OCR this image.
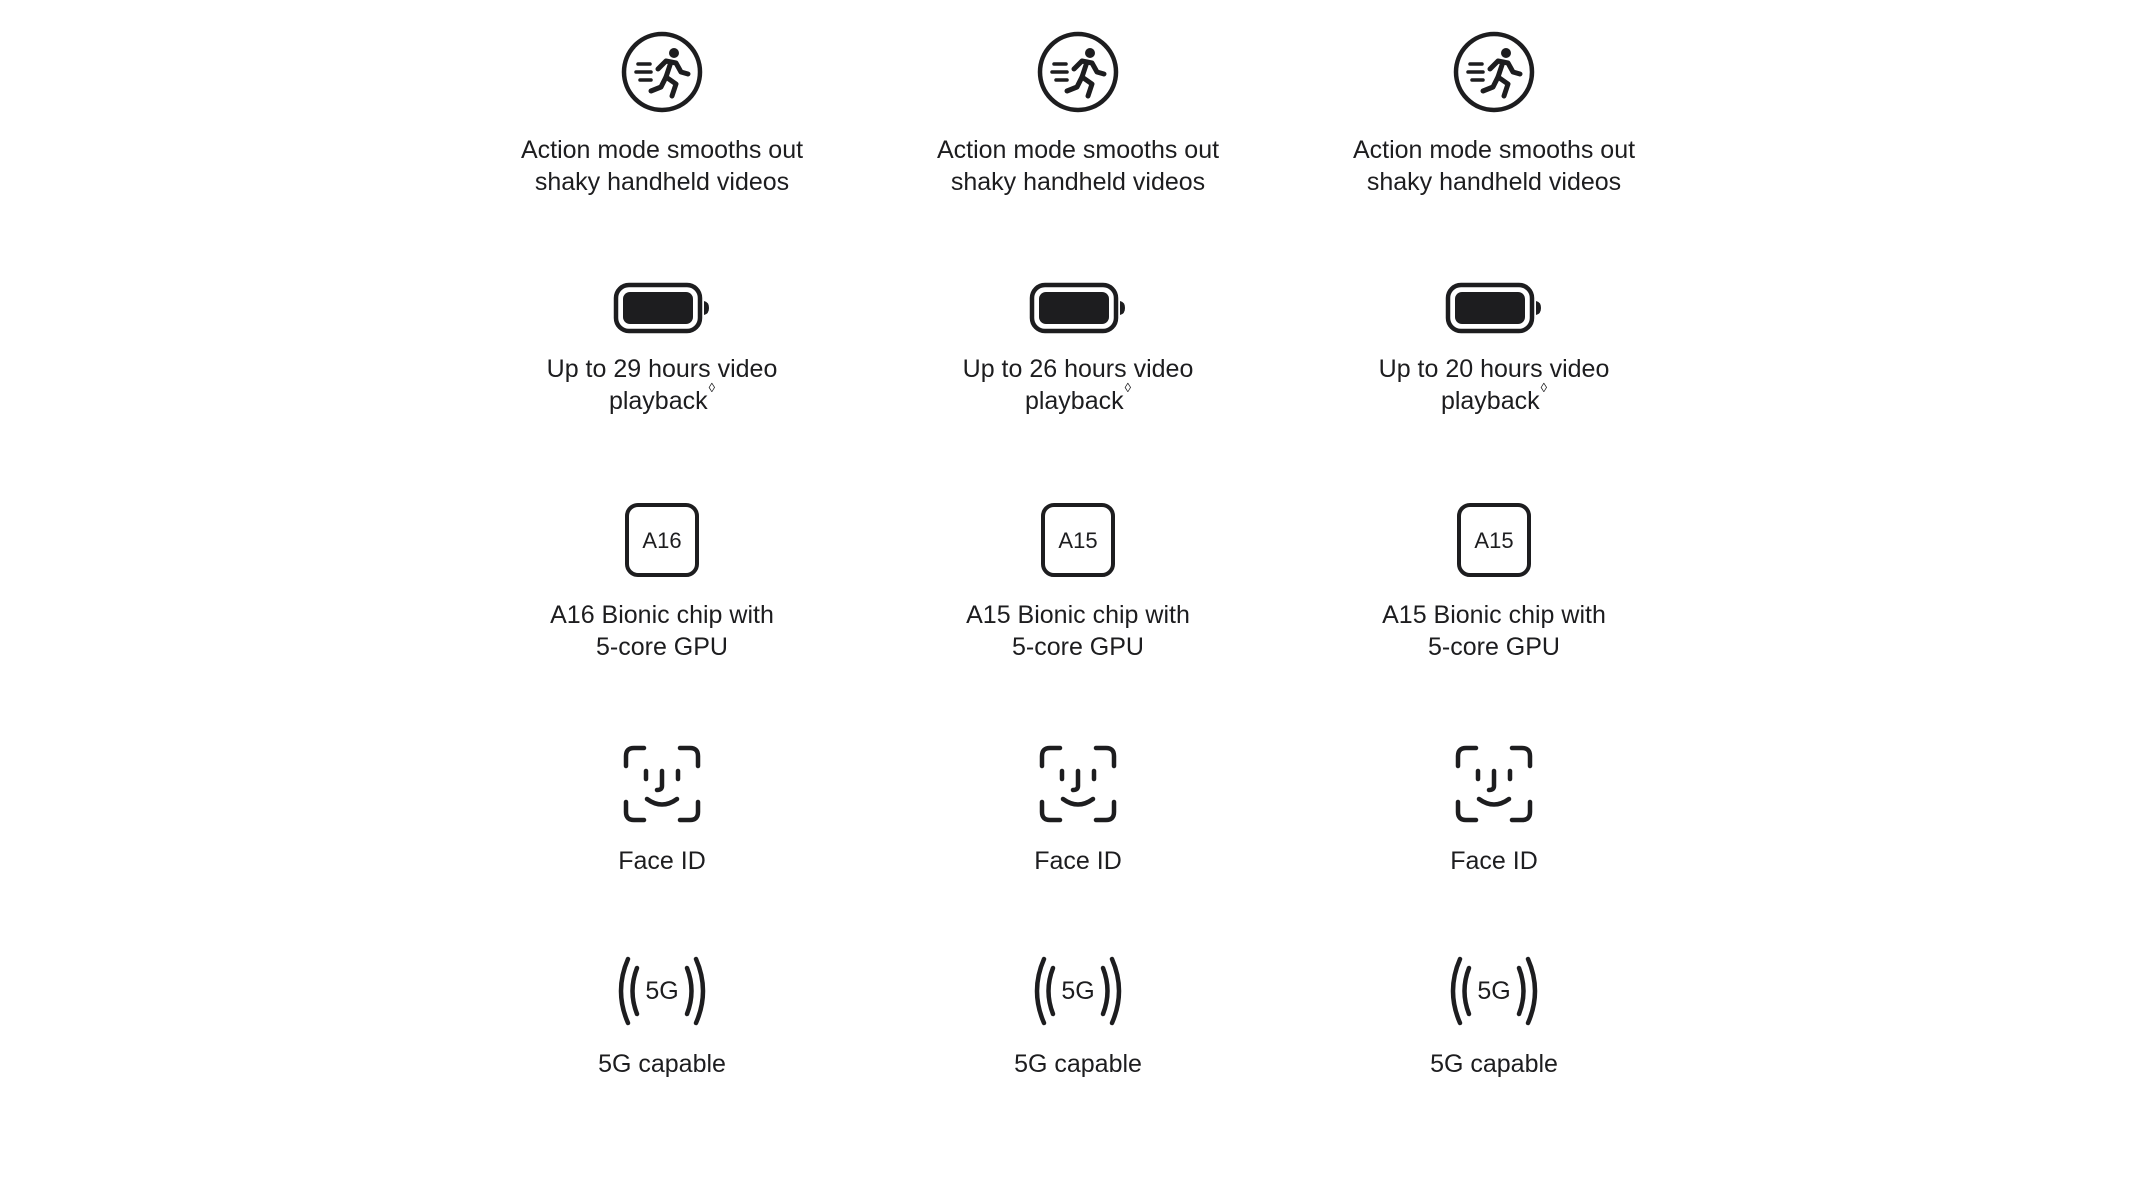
Action mode smooths out
shaky handheld videos
Up to 29 hours video
playback◊
A16
A16 Bionic chip with
5-core GPU
Face ID
5G
5G capable
Action mode smooths out
shaky handheld videos
Up to 26 hours video
playback◊
A15
A15 Bionic chip with
5-core GPU
Face ID
5G
5G capable
Action mode smooths out
shaky handheld videos
Up to 20 hours video
playback◊
A15
A15 Bionic chip with
5-core GPU
Face ID
5G
5G capable
